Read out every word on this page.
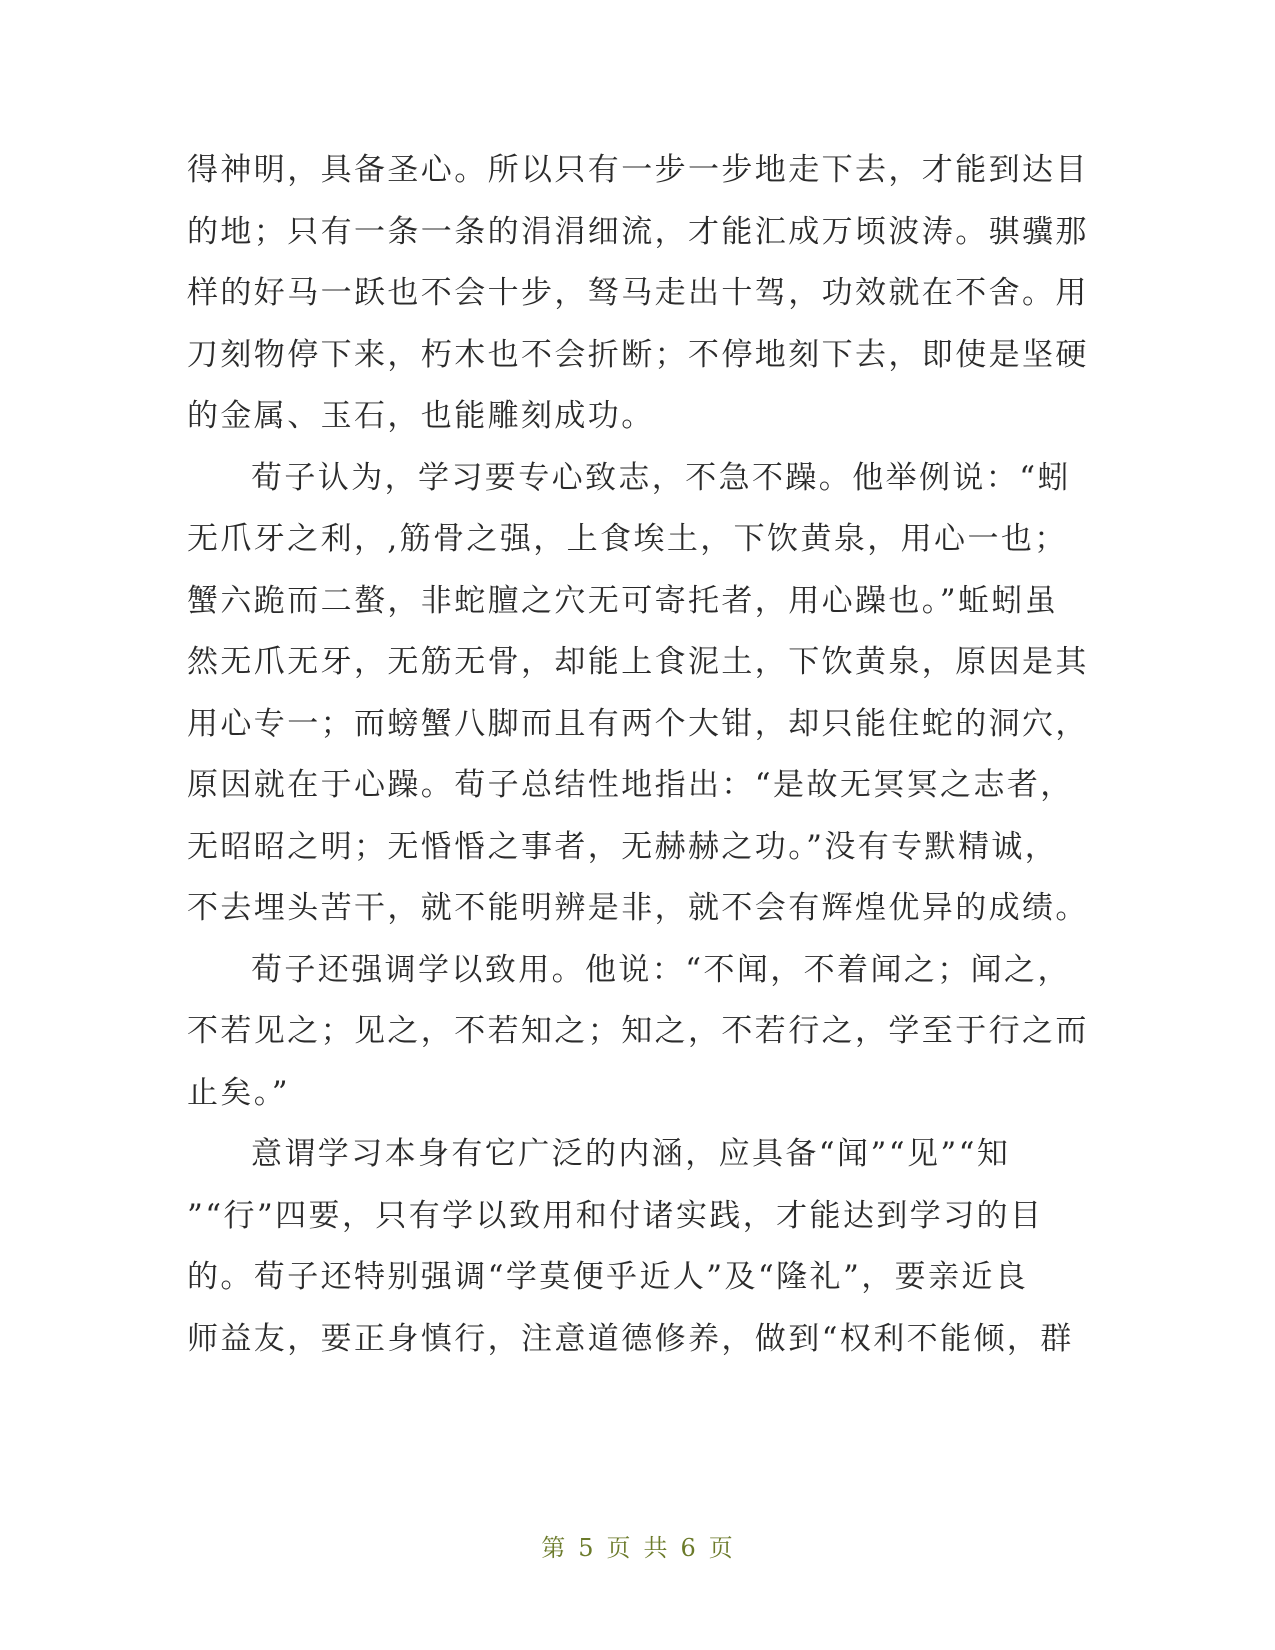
得神明，具备圣心。所以只有一步一步地走下去，才能到达目
的地；只有一条一条的涓涓细流，才能汇成万顷波涛。骐骥那
样的好马一跃也不会十步，驽马走出十驾，功效就在不舍。用
刀刻物停下来，朽木也不会折断；不停地刻下去，即使是坚硬
的金属、玉石，也能雕刻成功。
荀子认为，学习要专心致志，不急不躁。他举例说：“蚓
无爪牙之利，,筋骨之强，上食埃土，下饮黄泉，用心一也；
蟹六跪而二螯，非蛇膻之穴无可寄托者，用心躁也。”蚯蚓虽
然无爪无牙，无筋无骨，却能上食泥土，下饮黄泉，原因是其
用心专一；而螃蟹八脚而且有两个大钳，却只能住蛇的洞穴，
原因就在于心躁。荀子总结性地指出：“是故无冥冥之志者，
无昭昭之明；无惛惛之事者，无赫赫之功。”没有专默精诚，
不去埋头苦干，就不能明辨是非，就不会有辉煌优异的成绩。
荀子还强调学以致用。他说：“不闻，不着闻之；闻之，
不若见之；见之，不若知之；知之，不若行之，学至于行之而
止矣。”
意谓学习本身有它广泛的内涵，应具备“闻”“见”“知
”“行”四要，只有学以致用和付诸实践，才能达到学习的目
的。荀子还特别强调“学莫便乎近人”及“隆礼”，要亲近良
师益友，要正身慎行，注意道德修养，做到“权利不能倾，群
第 5 页 共 6 页
